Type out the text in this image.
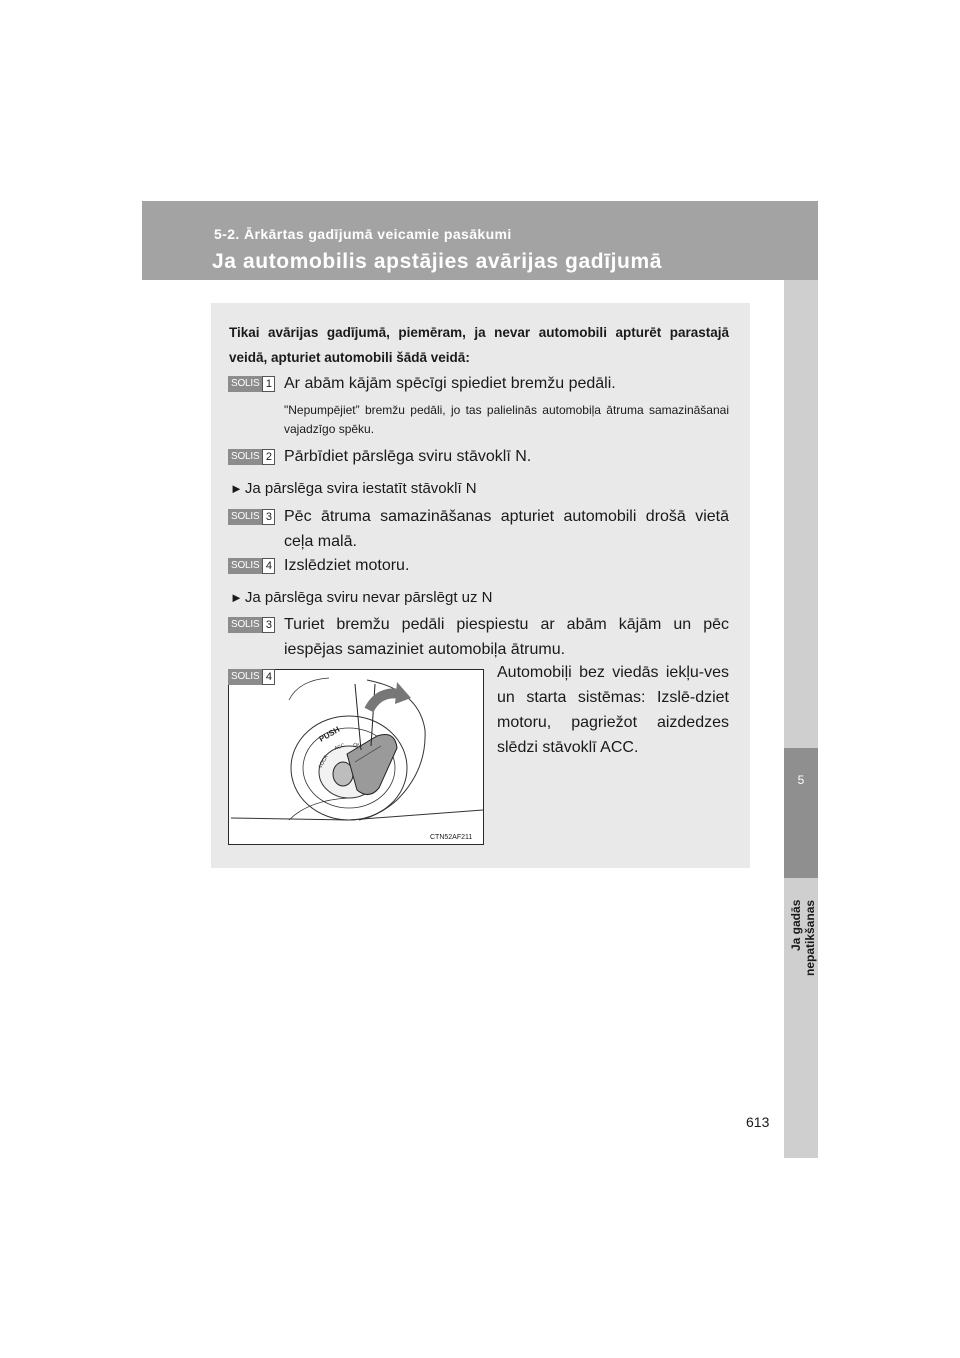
5-2. Ārkārtas gadījumā veicamie pasākumi
Ja automobilis apstājies avārijas gadījumā
5
Ja gadās nepatikšanas
613
Tikai avārijas gadījumā, piemēram, ja nevar automobili apturēt parastajā veidā, apturiet automobili šādā veidā:
SOLIS 1 Ar abām kājām spēcīgi spiediet bremžu pedāli.
"Nepumpējiet” bremžu pedāli, jo tas palielinās automobiļa ātruma samazināšanai vajadzīgo spēku.
SOLIS 2 Pārbīdiet pārslēga sviru stāvoklī N.
► Ja pārslēga svira iestatīt stāvoklī N
SOLIS 3 Pēc ātruma samazināšanas apturiet automobili drošā vietā ceļa malā.
SOLIS 4 Izslēdziet motoru.
► Ja pārslēga sviru nevar pārslēgt uz N
SOLIS 3 Turiet bremžu pedāli piespiestu ar abām kājām un pēc iespējas samaziniet automobiļa ātrumu.
PUSH
LOCK
ACC ON
SOLIS 4
CTN52AF211
Automobiļi bez viedās iekļu-ves un starta sistēmas: Izslē-dziet motoru, pagriežot aizdedzes slēdzi stāvoklī ACC.
